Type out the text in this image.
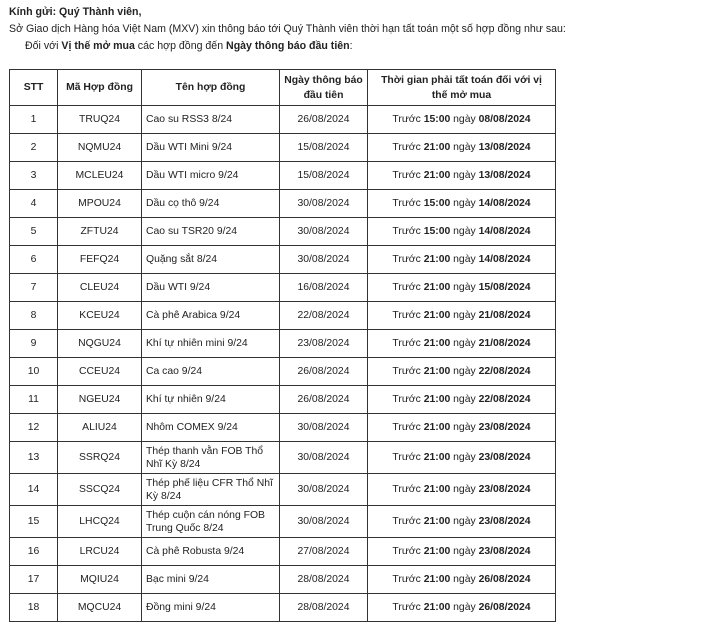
Kính gửi: Quý Thành viên,
Sở Giao dịch Hàng hóa Việt Nam (MXV) xin thông báo tới Quý Thành viên thời hạn tất toán một số hợp đồng như sau:
Đối với Vị thế mở mua các hợp đồng đến Ngày thông báo đầu tiên:
STT	Mã Hợp đồng	Tên hợp đồng	Ngày thông báo đầu tiên	Thời gian phải tất toán đối với vị thế mở mua
1	TRUQ24	Cao su RSS3 8/24	26/08/2024	Trước 15:00 ngày 08/08/2024
2	NQMU24	Dầu WTI Mini 9/24	15/08/2024	Trước 21:00 ngày 13/08/2024
3	MCLEU24	Dầu WTI micro 9/24	15/08/2024	Trước 21:00 ngày 13/08/2024
4	MPOU24	Dầu cọ thô 9/24	30/08/2024	Trước 15:00 ngày 14/08/2024
5	ZFTU24	Cao su TSR20 9/24	30/08/2024	Trước 15:00 ngày 14/08/2024
6	FEFQ24	Quặng sắt 8/24	30/08/2024	Trước 21:00 ngày 14/08/2024
7	CLEU24	Dầu WTI 9/24	16/08/2024	Trước 21:00 ngày 15/08/2024
8	KCEU24	Cà phê Arabica 9/24	22/08/2024	Trước 21:00 ngày 21/08/2024
9	NQGU24	Khí tự nhiên mini 9/24	23/08/2024	Trước 21:00 ngày 21/08/2024
10	CCEU24	Ca cao 9/24	26/08/2024	Trước 21:00 ngày 22/08/2024
11	NGEU24	Khí tự nhiên 9/24	26/08/2024	Trước 21:00 ngày 22/08/2024
12	ALIU24	Nhôm COMEX 9/24	30/08/2024	Trước 21:00 ngày 23/08/2024
13	SSRQ24	Thép thanh vằn FOB Thổ Nhĩ Kỳ 8/24	30/08/2024	Trước 21:00 ngày 23/08/2024
14	SSCQ24	Thép phế liệu CFR Thổ Nhĩ Kỳ 8/24	30/08/2024	Trước 21:00 ngày 23/08/2024
15	LHCQ24	Thép cuộn cán nóng FOB Trung Quốc 8/24	30/08/2024	Trước 21:00 ngày 23/08/2024
16	LRCU24	Cà phê Robusta 9/24	27/08/2024	Trước 21:00 ngày 23/08/2024
17	MQIU24	Bạc mini 9/24	28/08/2024	Trước 21:00 ngày 26/08/2024
18	MQCU24	Đồng mini 9/24	28/08/2024	Trước 21:00 ngày 26/08/2024
